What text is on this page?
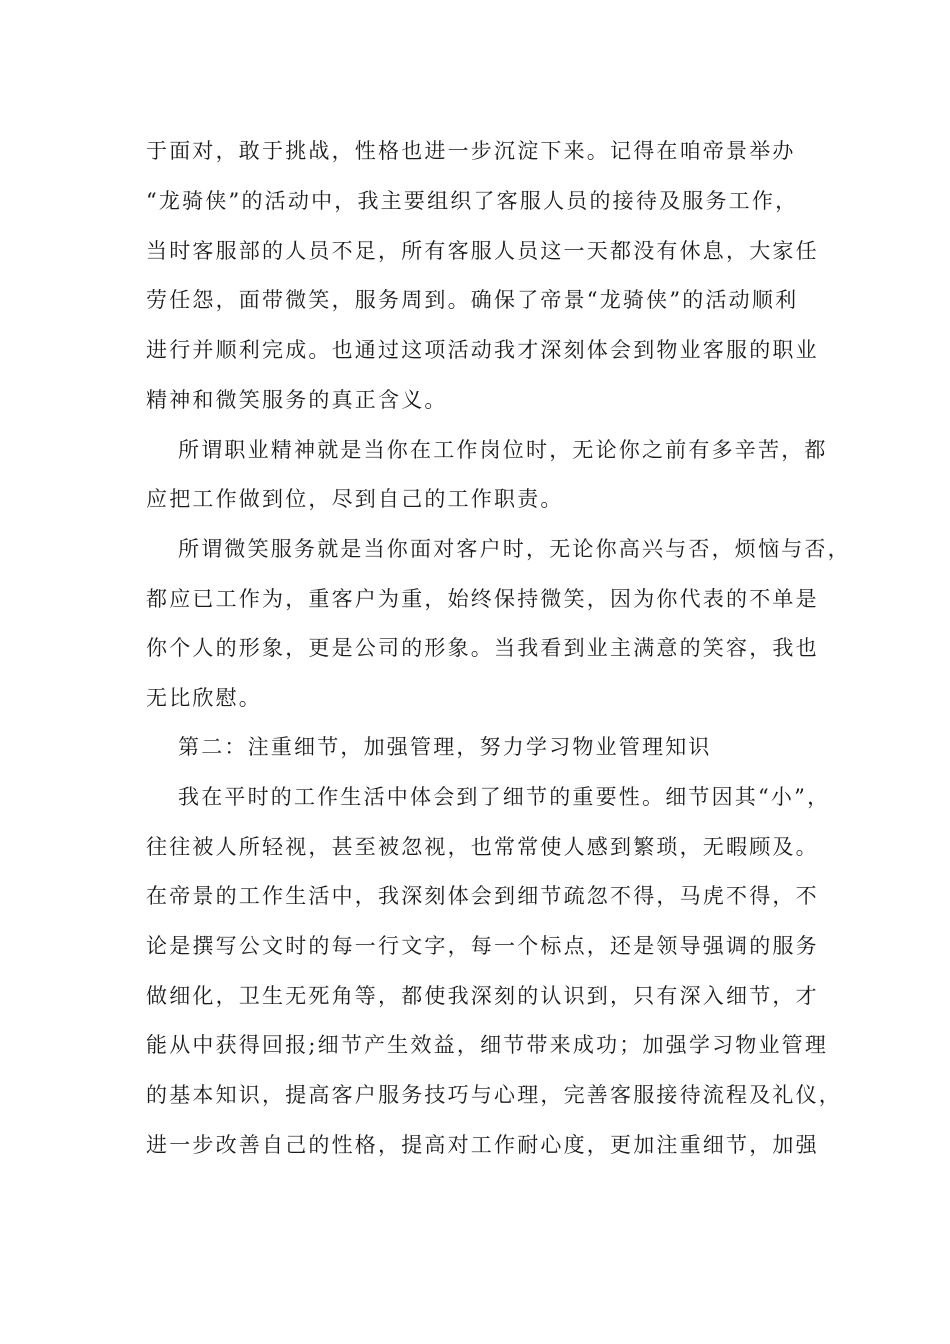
于面对，敢于挑战，性格也进一步沉淀下来。记得在咱帝景举办
“龙骑侠”的活动中，我主要组织了客服人员的接待及服务工作，
当时客服部的人员不足，所有客服人员这一天都没有休息，大家任
劳任怨，面带微笑，服务周到。确保了帝景“龙骑侠”的活动顺利
进行并顺利完成。也通过这项活动我才深刻体会到物业客服的职业
精神和微笑服务的真正含义。
所谓职业精神就是当你在工作岗位时，无论你之前有多辛苦，都
应把工作做到位，尽到自己的工作职责。
所谓微笑服务就是当你面对客户时，无论你高兴与否，烦恼与否，
都应已工作为，重客户为重，始终保持微笑，因为你代表的不单是
你个人的形象，更是公司的形象。当我看到业主满意的笑容，我也
无比欣慰。
第二：注重细节，加强管理，努力学习物业管理知识
我在平时的工作生活中体会到了细节的重要性。细节因其“小”，
往往被人所轻视，甚至被忽视，也常常使人感到繁琐，无暇顾及。
在帝景的工作生活中，我深刻体会到细节疏忽不得，马虎不得，不
论是撰写公文时的每一行文字，每一个标点，还是领导强调的服务
做细化，卫生无死角等，都使我深刻的认识到，只有深入细节，才
能从中获得回报;细节产生效益，细节带来成功；加强学习物业管理
的基本知识，提高客户服务技巧与心理，完善客服接待流程及礼仪，
进一步改善自己的性格，提高对工作耐心度，更加注重细节，加强
